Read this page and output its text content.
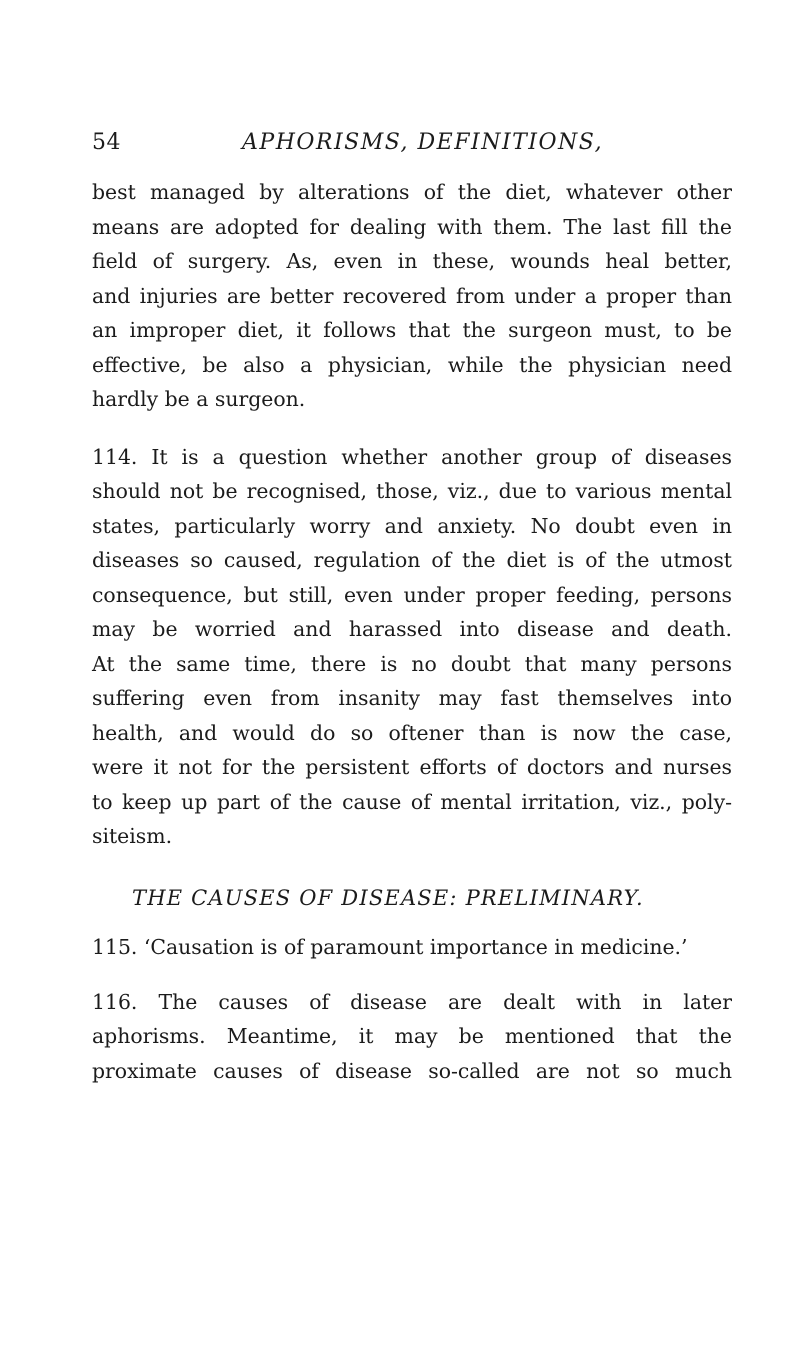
54	APHORISMS, DEFINITIONS,
best managed by alterations of the diet, whatever other
means are adopted for dealing with them. The last fill the
field of surgery. As, even in these, wounds heal better,
and injuries are better recovered from under a proper than
an improper diet, it follows that the surgeon must, to be
effective, be also a physician, while the physician need
hardly be a surgeon.
114. It is a question whether another group of diseases
should not be recognised, those, viz., due to various mental
states, particularly worry and anxiety. No doubt even in
diseases so caused, regulation of the diet is of the utmost
consequence, but still, even under proper feeding, persons
may be worried and harassed into disease and death.
At the same time, there is no doubt that many persons
suffering even from insanity may fast themselves into
health, and would do so oftener than is now the case,
were it not for the persistent efforts of doctors and nurses
to keep up part of the cause of mental irritation, viz., poly-
siteism.
THE CAUSES OF DISEASE: PRELIMINARY.
115. ‘Causation is of paramount importance in medicine.’
116. The causes of disease are dealt with in later
aphorisms. Meantime, it may be mentioned that the
proximate causes of disease so-called are not so much
